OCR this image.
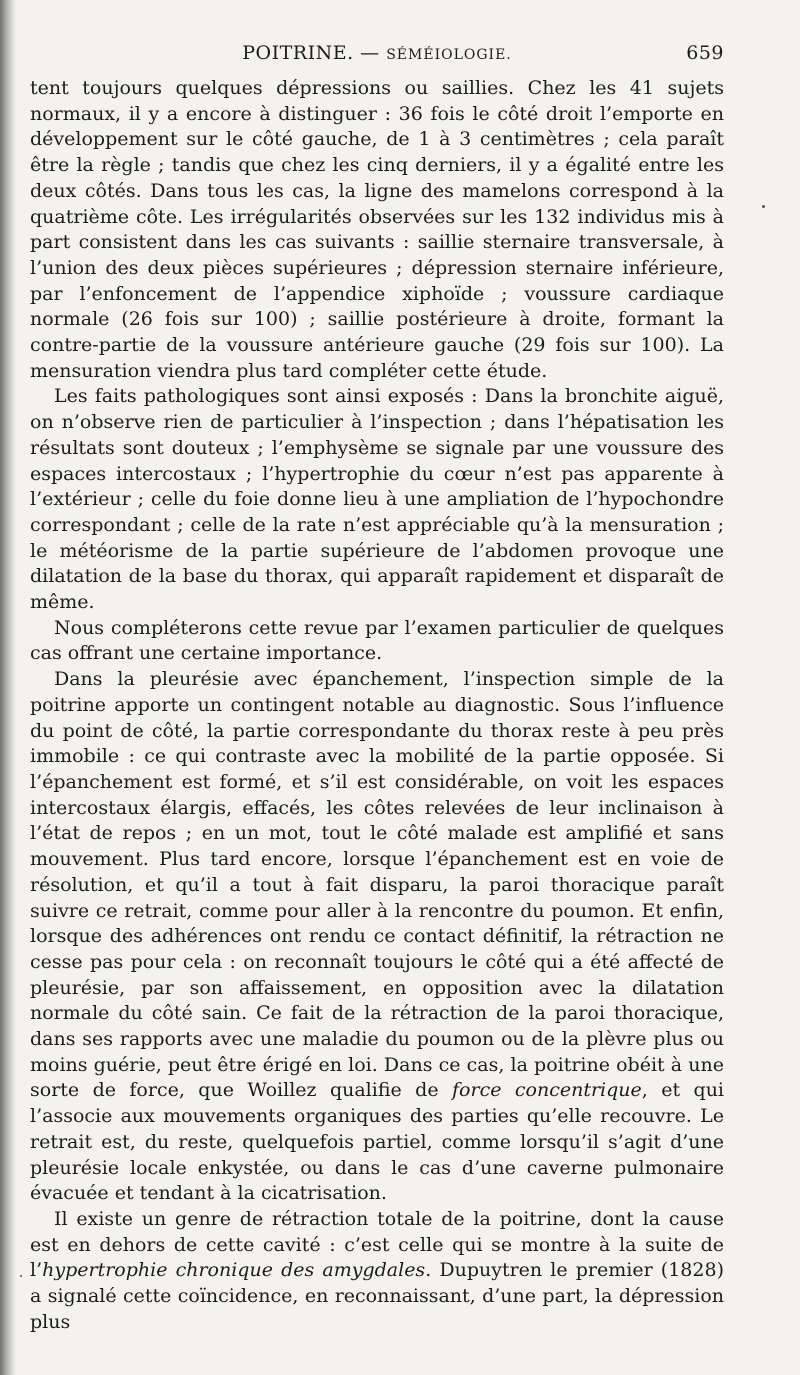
POITRINE. — SÉMÉIOLOGIE.	659

tent toujours quelques dépressions ou saillies. Chez les 41 sujets normaux, il y a encore à distinguer : 36 fois le côté droit l’emporte en développement sur le côté gauche, de 1 à 3 centimètres ; cela paraît être la règle ; tandis que chez les cinq derniers, il y a égalité entre les deux côtés. Dans tous les cas, la ligne des mamelons correspond à la quatrième côte. Les irrégularités observées sur les 132 individus mis à part consistent dans les cas suivants : saillie sternaire transversale, à l’union des deux pièces supérieures ; dépression sternaire inférieure, par l’enfoncement de l’appendice xiphoïde ; voussure cardiaque normale (26 fois sur 100) ; saillie postérieure à droite, formant la contre-partie de la voussure antérieure gauche (29 fois sur 100). La mensuration viendra plus tard compléter cette étude.

Les faits pathologiques sont ainsi exposés : Dans la bronchite aiguë, on n’observe rien de particulier à l’inspection ; dans l’hépatisation les résultats sont douteux ; l’emphysème se signale par une voussure des espaces intercostaux ; l’hypertrophie du cœur n’est pas apparente à l’extérieur ; celle du foie donne lieu à une ampliation de l’hypochondre correspondant ; celle de la rate n’est appréciable qu’à la mensuration ; le météorisme de la partie supérieure de l’abdomen provoque une dilatation de la base du thorax, qui apparaît rapidement et disparaît de même.

Nous compléterons cette revue par l’examen particulier de quelques cas offrant une certaine importance.

Dans la pleurésie avec épanchement, l’inspection simple de la poitrine apporte un contingent notable au diagnostic. Sous l’influence du point de côté, la partie correspondante du thorax reste à peu près immobile : ce qui contraste avec la mobilité de la partie opposée. Si l’épanchement est formé, et s’il est considérable, on voit les espaces intercostaux élargis, effacés, les côtes relevées de leur inclinaison à l’état de repos ; en un mot, tout le côté malade est amplifié et sans mouvement. Plus tard encore, lorsque l’épanchement est en voie de résolution, et qu’il a tout à fait disparu, la paroi thoracique paraît suivre ce retrait, comme pour aller à la rencontre du poumon. Et enfin, lorsque des adhérences ont rendu ce contact définitif, la rétraction ne cesse pas pour cela : on reconnaît toujours le côté qui a été affecté de pleurésie, par son affaissement, en opposition avec la dilatation normale du côté sain. Ce fait de la rétraction de la paroi thoracique, dans ses rapports avec une maladie du poumon ou de la plèvre plus ou moins guérie, peut être érigé en loi. Dans ce cas, la poitrine obéit à une sorte de force, que Woillez qualifie de force concentrique, et qui l’associe aux mouvements organiques des parties qu’elle recouvre. Le retrait est, du reste, quelquefois partiel, comme lorsqu’il s’agit d’une pleurésie locale enkystée, ou dans le cas d’une caverne pulmonaire évacuée et tendant à la cicatrisation.

Il existe un genre de rétraction totale de la poitrine, dont la cause est en dehors de cette cavité : c’est celle qui se montre à la suite de l’hypertrophie chronique des amygdales. Dupuytren le premier (1828) a signalé cette coïncidence, en reconnaissant, d’une part, la dépression plus
